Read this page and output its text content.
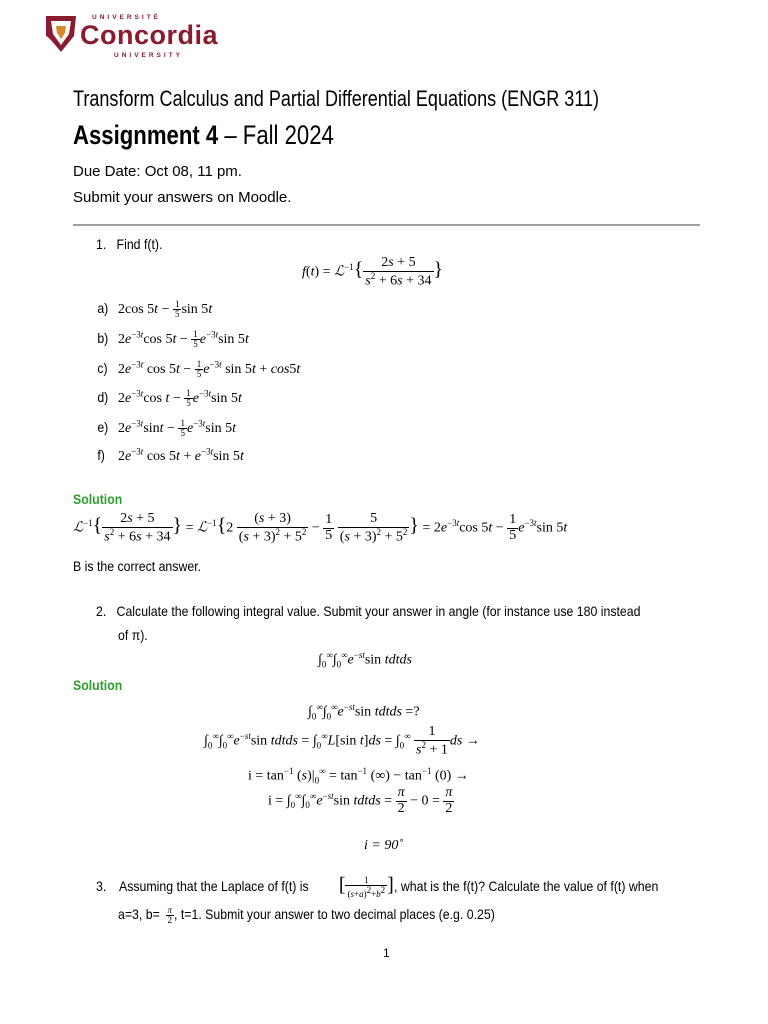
UNIVERSITÉ
Concordia
UNIVERSITY
Transform Calculus and Partial Differential Equations (ENGR 311)
Assignment 4 – Fall 2024
Due Date: Oct 08, 11 pm.
Submit your answers on Moodle.
1. Find f(t).
f(t) = ℒ$^{-1}${ $\frac{2s + 5}{s^2 + 6s + 34}$ }
a) 2cos $5t - \frac{1}{5}$ sin 5t
b) $2e^{-3t}\cos$ $5t - \frac{1}{5} e^{-3t}\sin$ 5t
c) $2e^{-3t}$ $\cos 5t - \frac{1}{5} e^{-3t}$ sin 5t + cos5t
d) $2e^{-3t}\cos$ $t - \frac{1}{5} e^{-3t}\sin$ 5t
e) $2e^{-3t}\sin t - \frac{1}{5} e^{-3t}\sin$ 5t
f) $2e^{-3t}$ $\cos 5t + e^{-3t}\sin$ 5t
Solution
ℒ$^{-1}${ $\frac{2s + 5}{s^2 + 6s + 34}$ } = ℒ$^{-1}${2 $\frac{(s + 3)}{(s + 3)^2 + 5^2} - \frac{1}{5}$
$\frac{5}{(s + 3)^2 + 5^2}$ } = $2e^{-3t}\cos$ $5t - \frac{1}{5} e^{-3t}\sin$ 5t
B is the correct answer.
2. Calculate the following integral value. Submit your answer in angle (for instance use 180 instead
of π).
$\int_0^\infty\int_0^\infty e^{-st}\sin$ tdtds
Solution
$\int_0^\infty\int_0^\infty e^{-st}\sin$ tdtds =?
$\int_0^\infty\int_0^\infty e^{-st}\sin$ tdtds = $\int_0^\infty L[\sin$ $t]ds = \int_0^\infty \frac{1}{s^2 + 1}$ ds →
$i = \tan^{-1} (s)|_0^\infty = \tan^{-1}$ (∞) − $\tan^{-1} (0)$ →
$i = \int_0^\infty\int_0^\infty e^{-st}\sin$ tdtds = $\frac{\pi}{2} - 0 = \frac{\pi}{2}$
i = 90˚
3. Assuming that the Laplace of f(t) is [ $\frac{1}{(s+a)^2+b^2}$ ], what is the f(t)? Calculate the value of f(t) when
a=3, $b= \frac{\pi}{2}$ , t=1. Submit your answer to two decimal places (e.g. 0.25)
1
